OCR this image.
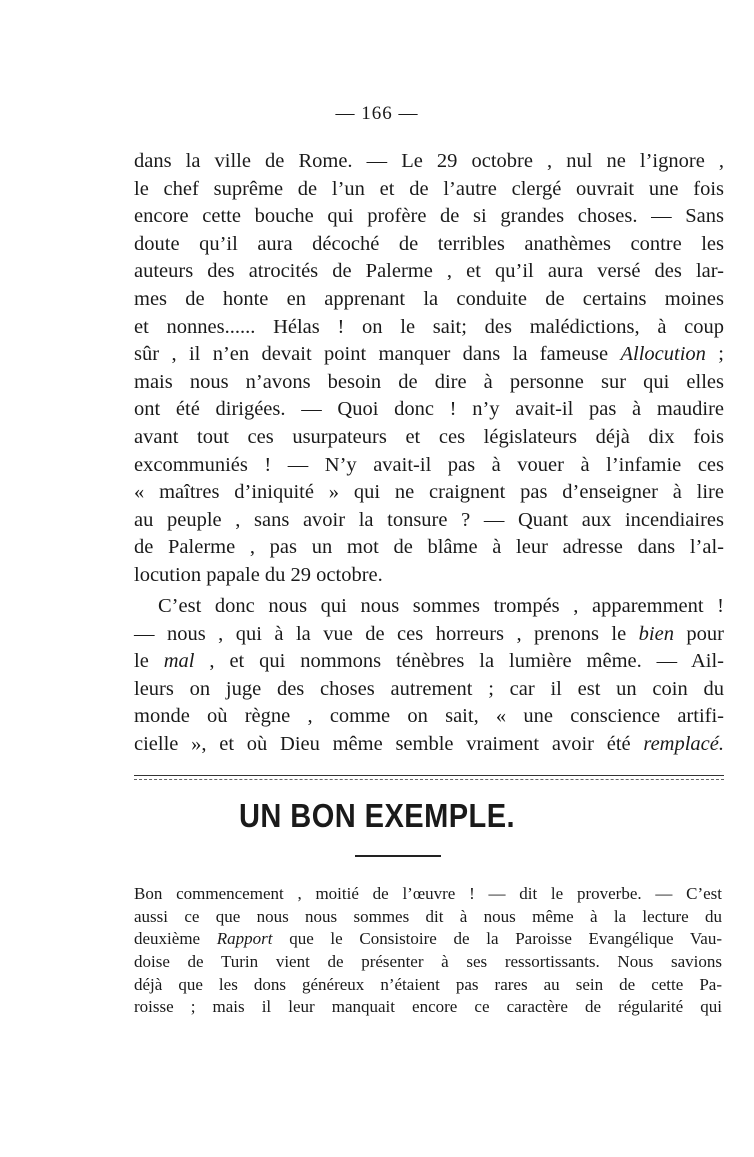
— 166 —
dans la ville de Rome. — Le 29 octobre , nul ne l’ignore ,
le chef suprême de l’un et de l’autre clergé ouvrait une fois
encore cette bouche qui profère de si grandes choses. — Sans
doute qu’il aura décoché de terribles anathèmes contre les
auteurs des atrocités de Palerme , et qu’il aura versé des lar-
mes de honte en apprenant la conduite de certains moines
et nonnes...... Hélas ! on le sait; des malédictions, à coup
sûr , il n’en devait point manquer dans la fameuse Allocution ;
mais nous n’avons besoin de dire à personne sur qui elles
ont été dirigées. — Quoi donc ! n’y avait-il pas à maudire
avant tout ces usurpateurs et ces législateurs déjà dix fois
excommuniés ! — N’y avait-il pas à vouer à l’infamie ces
« maîtres d’iniquité » qui ne craignent pas d’enseigner à lire
au peuple , sans avoir la tonsure ? — Quant aux incendiaires
de Palerme , pas un mot de blâme à leur adresse dans l’al-
locution papale du 29 octobre.
C’est donc nous qui nous sommes trompés , apparemment !
— nous , qui à la vue de ces horreurs , prenons le bien pour
le mal , et qui nommons ténèbres la lumière même. — Ail-
leurs on juge des choses autrement ; car il est un coin du
monde où règne , comme on sait, « une conscience artifi-
cielle », et où Dieu même semble vraiment avoir été remplacé.
UN BON EXEMPLE.
Bon commencement , moitié de l’œuvre ! — dit le proverbe. — C’est
aussi ce que nous nous sommes dit à nous même à la lecture du
deuxième Rapport que le Consistoire de la Paroisse Evangélique Vau-
doise de Turin vient de présenter à ses ressortissants. Nous savions
déjà que les dons généreux n’étaient pas rares au sein de cette Pa-
roisse ; mais il leur manquait encore ce caractère de régularité qui
